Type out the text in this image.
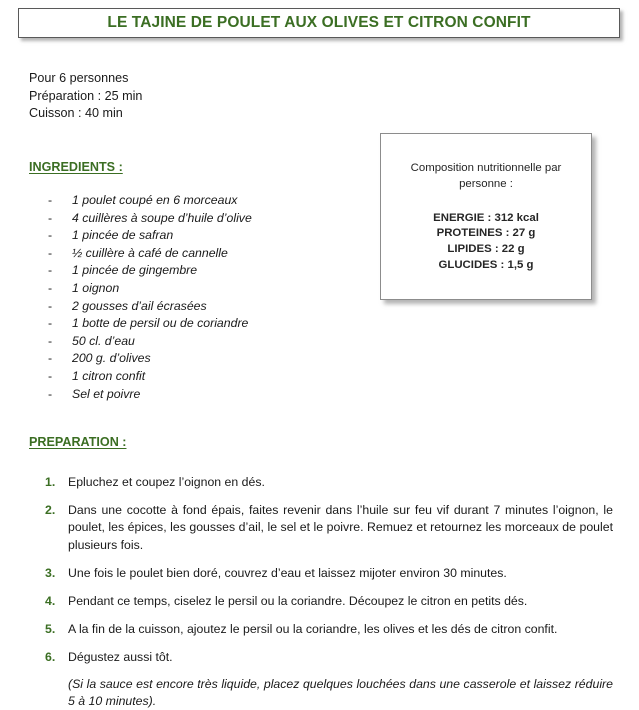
LE TAJINE DE POULET AUX OLIVES ET CITRON CONFIT
Pour 6 personnes
Préparation : 25 min
Cuisson : 40 min
INGREDIENTS :
- 1 poulet coupé en 6 morceaux
- 4 cuillères à soupe d’huile d’olive
- 1 pincée de safran
- ½ cuillère à café de cannelle
- 1 pincée de gingembre
- 1 oignon
- 2 gousses d’ail écrasées
- 1 botte de persil ou de coriandre
- 50 cl. d’eau
- 200 g. d’olives
- 1 citron confit
- Sel et poivre
Composition nutritionnelle par personne :
ENERGIE : 312 kcal
PROTEINES : 27 g
LIPIDES : 22 g
GLUCIDES : 1,5 g
PREPARATION :
1. Epluchez et coupez l’oignon en dés.
2. Dans une cocotte à fond épais, faites revenir dans l’huile sur feu vif durant 7 minutes l’oignon, le poulet, les épices, les gousses d’ail, le sel et le poivre. Remuez et retournez les morceaux de poulet plusieurs fois.
3. Une fois le poulet bien doré, couvrez d’eau et laissez mijoter environ 30 minutes.
4. Pendant ce temps, ciselez le persil ou la coriandre. Découpez le citron en petits dés.
5. A la fin de la cuisson, ajoutez le persil ou la coriandre, les olives et les dés de citron confit.
6. Dégustez aussi tôt.
(Si la sauce est encore très liquide, placez quelques louchées dans une casserole et laissez réduire 5 à 10 minutes).
